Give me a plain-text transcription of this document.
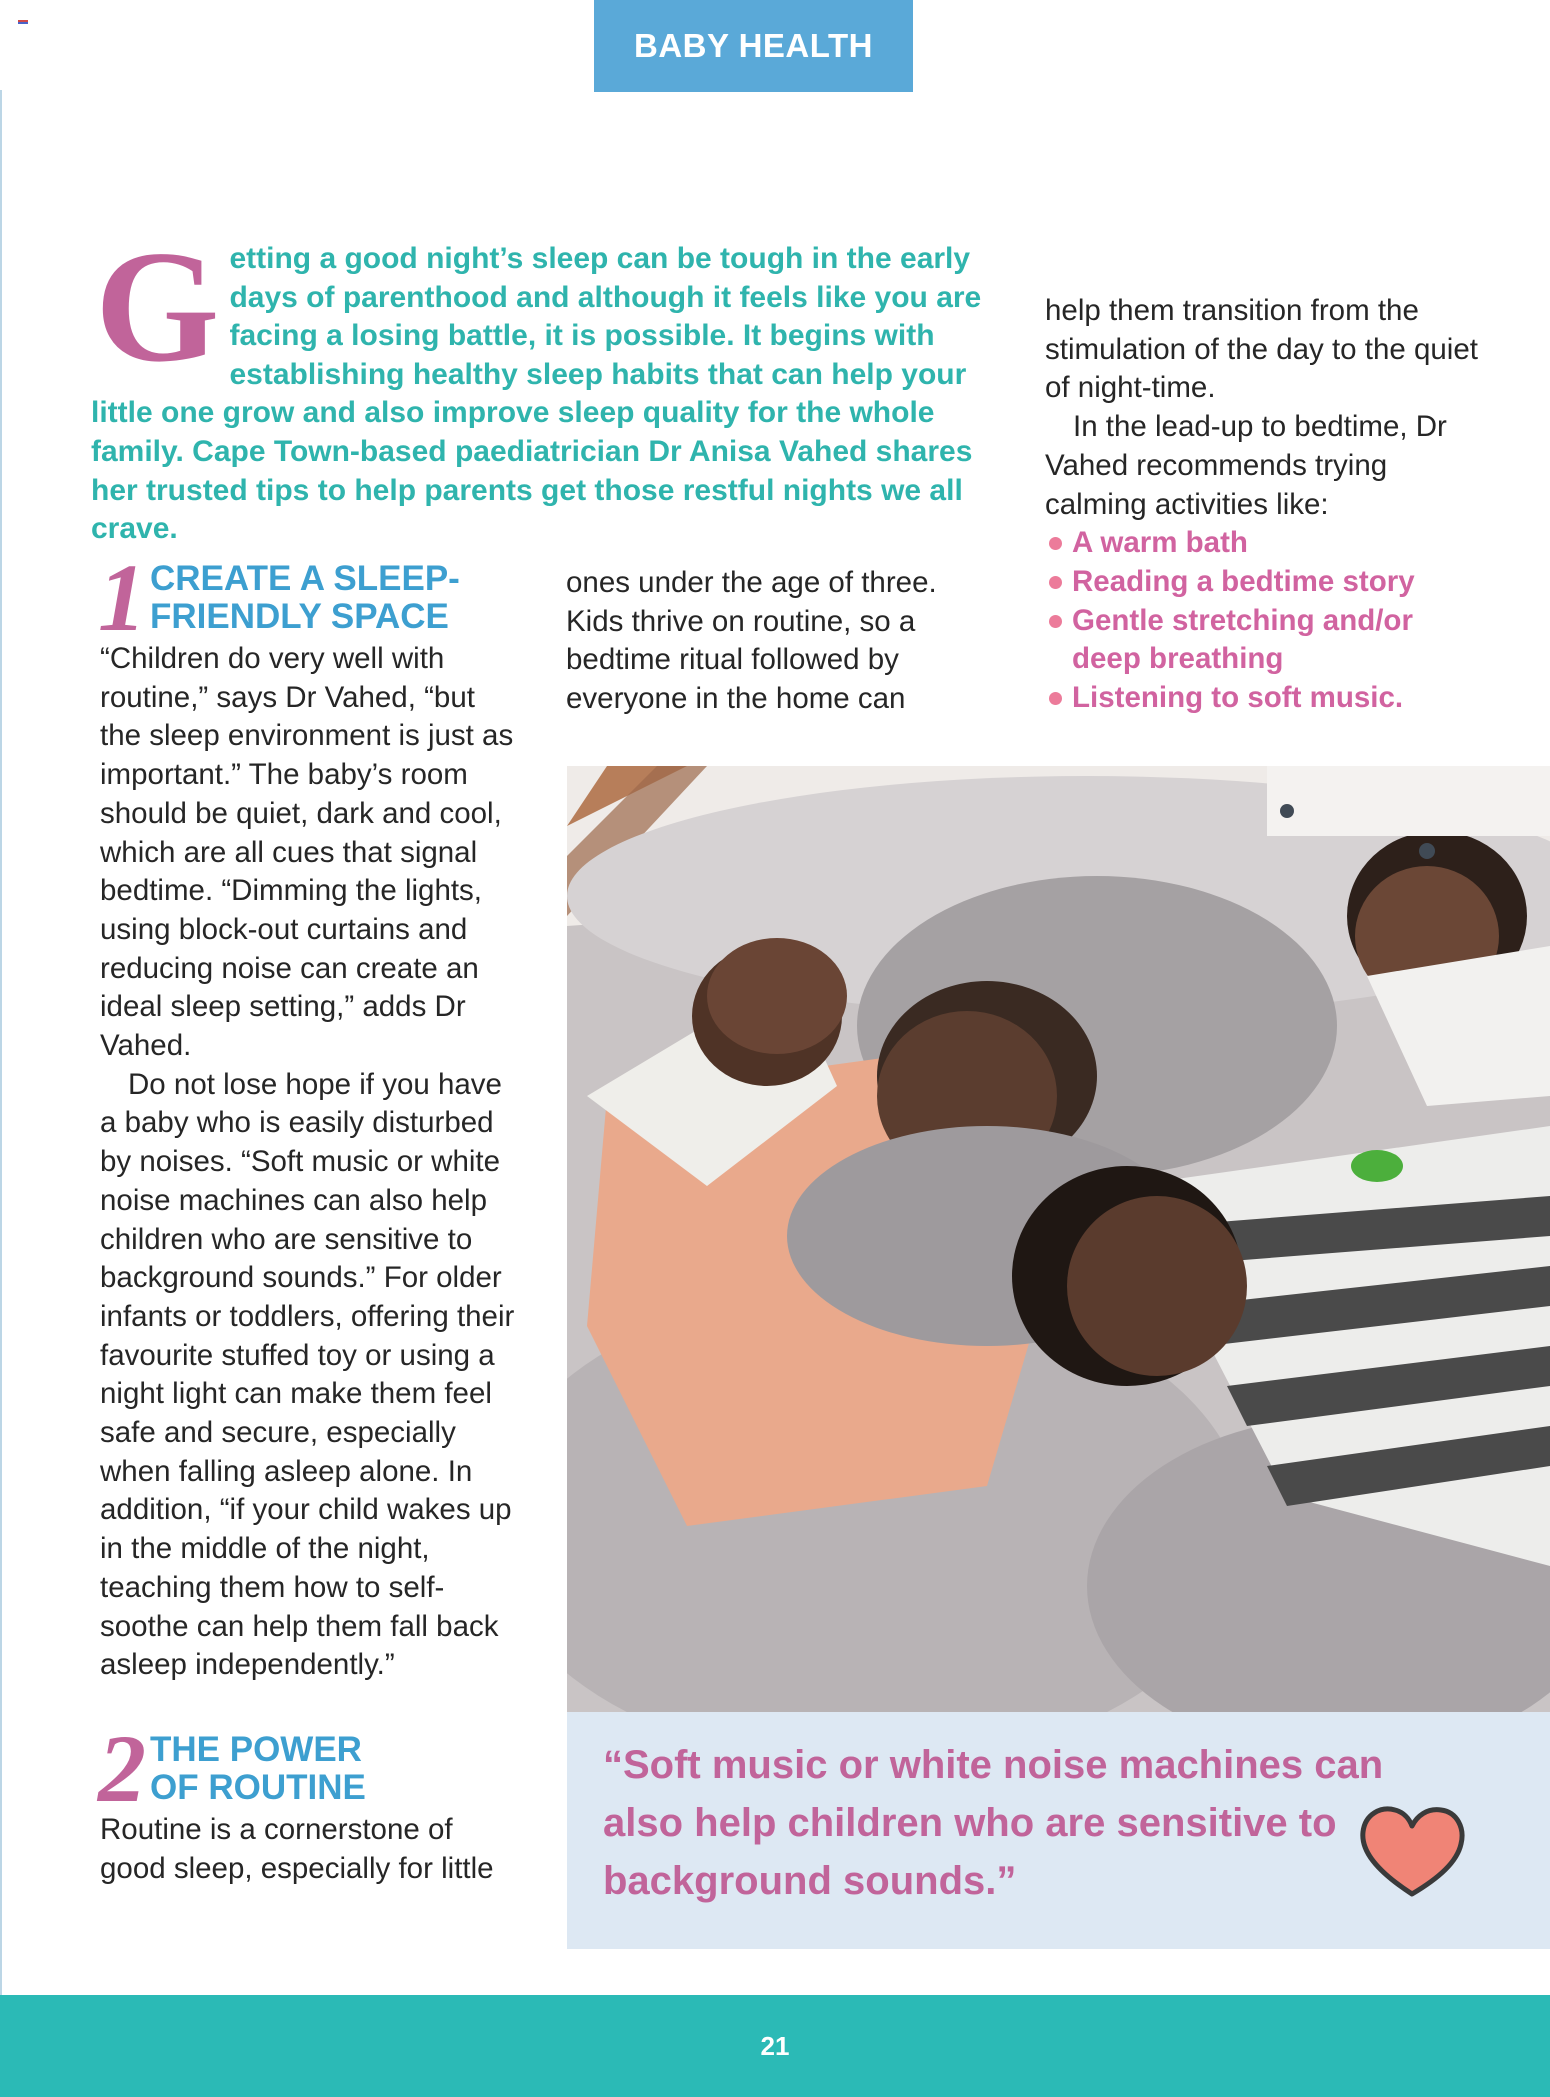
BABY HEALTH
G etting a good night’s sleep can be tough in the early days of parenthood and although it feels like you are facing a losing battle, it is possible. It begins with establishing healthy sleep habits that can help your little one grow and also improve sleep quality for the whole family. Cape Town-based paediatrician Dr Anisa Vahed shares her trusted tips to help parents get those restful nights we all crave.
1 CREATE A SLEEP-
FRIENDLY SPACE

“Children do very well with routine,” says Dr Vahed, “but the sleep environment is just as important.” The baby’s room should be quiet, dark and cool, which are all cues that signal bedtime. “Dimming the lights, using block-out curtains and reducing noise can create an ideal sleep setting,” adds Dr Vahed.

Do not lose hope if you have a baby who is easily disturbed by noises. “Soft music or white noise machines can also help children who are sensitive to background sounds.” For older infants or toddlers, offering their favourite stuffed toy or using a night light can make them feel safe and secure, especially when falling asleep alone. In addition, “if your child wakes up in the middle of the night, teaching them how to self-soothe can help them fall back asleep independently.”

2 THE POWER
OF ROUTINE

Routine is a cornerstone of good sleep, especially for little

ones under the age of three. Kids thrive on routine, so a bedtime ritual followed by everyone in the home can

help them transition from the stimulation of the day to the quiet of night-time.

In the lead-up to bedtime, Dr Vahed recommends trying calming activities like:

A warm bath
Reading a bedtime story
Gentle stretching and/or deep breathing
Listening to soft music.
“Soft music or white noise machines can also help children who are sensitive to background sounds.”
21
